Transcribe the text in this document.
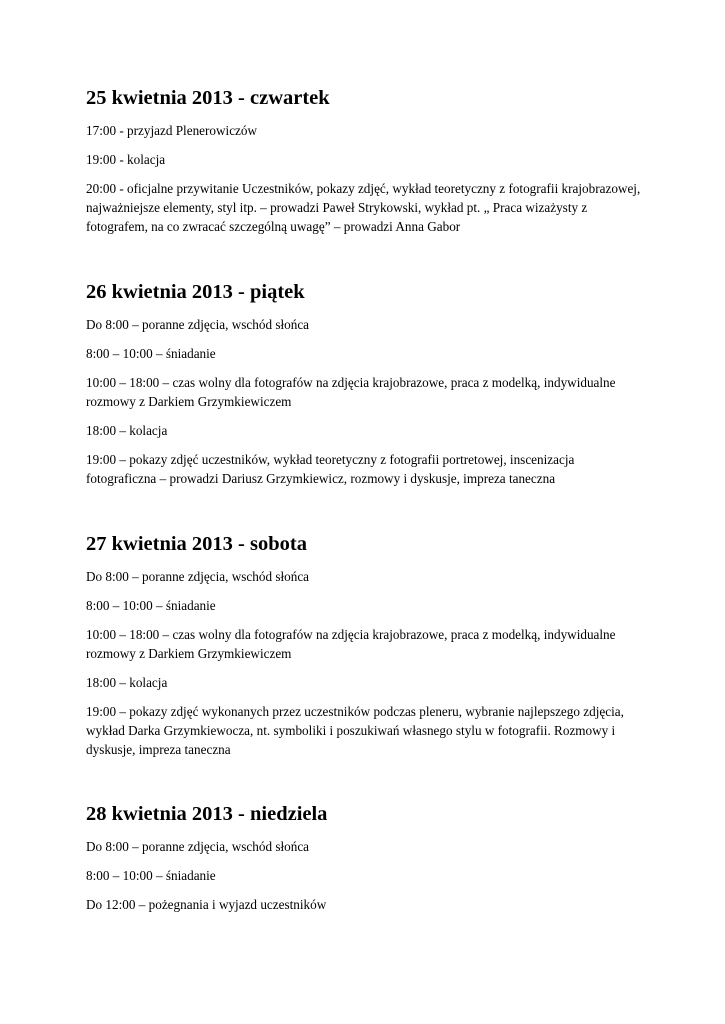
25 kwietnia 2013 - czwartek

17:00 - przyjazd Plenerowiczów

19:00 - kolacja

20:00 - oficjalne przywitanie Uczestników, pokazy zdjęć, wykład teoretyczny z fotografii krajobrazowej, najważniejsze elementy, styl itp. – prowadzi Paweł Strykowski, wykład pt. „ Praca wizażysty z fotografem, na co zwracać szczególną uwagę” – prowadzi Anna Gabor

26 kwietnia 2013 - piątek

Do 8:00 – poranne zdjęcia, wschód słońca

8:00 – 10:00 – śniadanie

10:00 – 18:00 – czas wolny dla fotografów na zdjęcia krajobrazowe, praca z modelką, indywidualne rozmowy z Darkiem Grzymkiewiczem

18:00 – kolacja

19:00 – pokazy zdjęć uczestników, wykład teoretyczny z fotografii portretowej, inscenizacja fotograficzna – prowadzi Dariusz Grzymkiewicz, rozmowy i dyskusje, impreza taneczna

27 kwietnia 2013 - sobota

Do 8:00 – poranne zdjęcia, wschód słońca

8:00 – 10:00 – śniadanie

10:00 – 18:00 – czas wolny dla fotografów na zdjęcia krajobrazowe, praca z modelką, indywidualne rozmowy z Darkiem Grzymkiewiczem

18:00 – kolacja

19:00 – pokazy zdjęć wykonanych przez uczestników podczas pleneru, wybranie najlepszego zdjęcia, wykład Darka Grzymkiewocza, nt. symboliki i poszukiwań własnego stylu w fotografii. Rozmowy i dyskusje, impreza taneczna

28 kwietnia 2013 - niedziela

Do 8:00 – poranne zdjęcia, wschód słońca

8:00 – 10:00 – śniadanie

Do 12:00 – pożegnania i wyjazd uczestników
